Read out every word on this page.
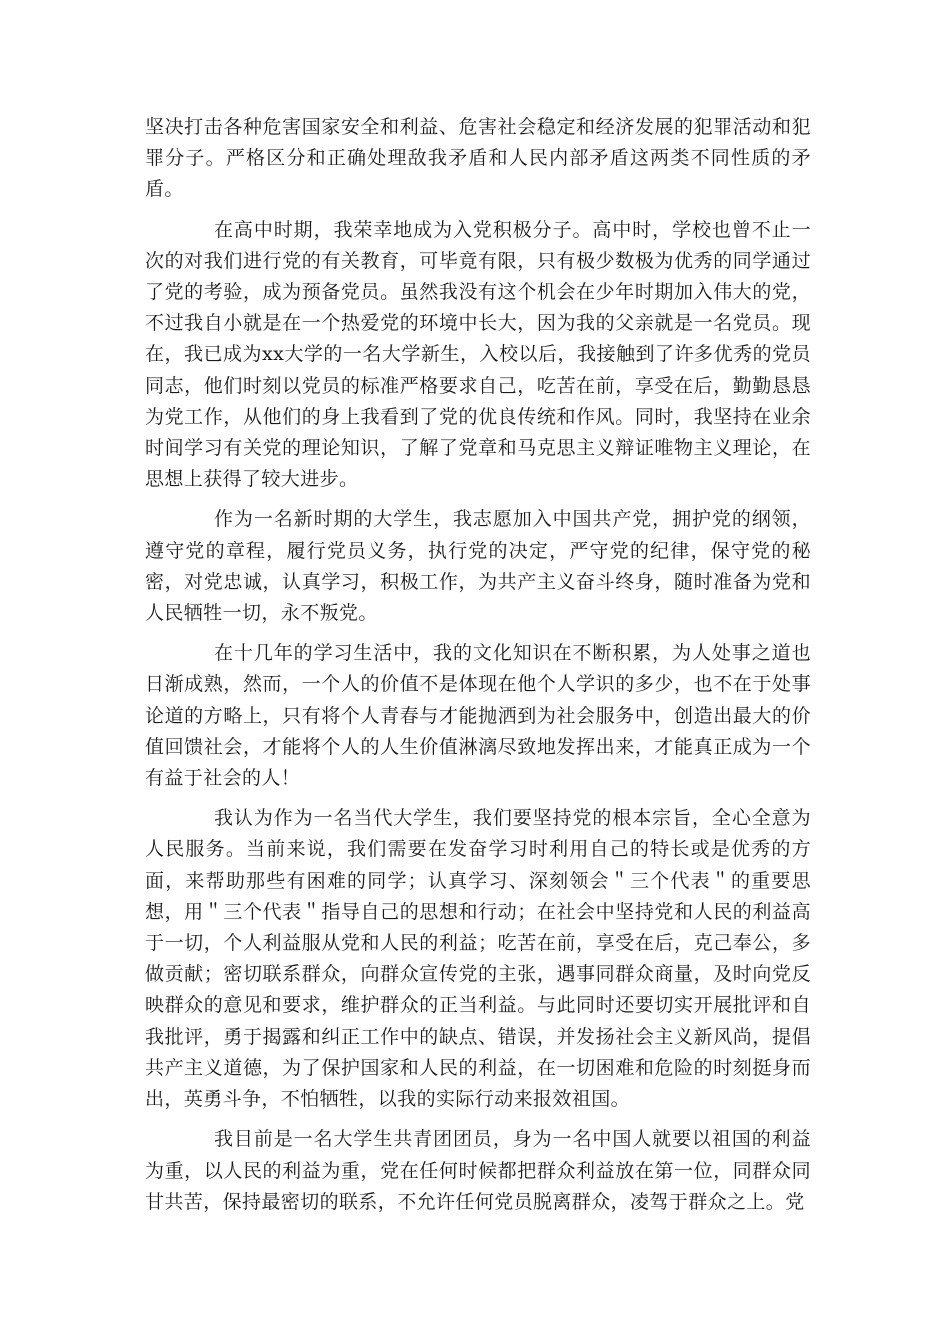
坚决打击各种危害国家安全和利益、危害社会稳定和经济发展的犯罪活动和犯罪分子。严格区分和正确处理敌我矛盾和人民内部矛盾这两类不同性质的矛盾。

在高中时期，我荣幸地成为入党积极分子。高中时，学校也曾不止一次的对我们进行党的有关教育，可毕竟有限，只有极少数极为优秀的同学通过了党的考验，成为预备党员。虽然我没有这个机会在少年时期加入伟大的党，不过我自小就是在一个热爱党的环境中长大，因为我的父亲就是一名党员。现在，我已成为xx大学的一名大学新生，入校以后，我接触到了许多优秀的党员同志，他们时刻以党员的标准严格要求自己，吃苦在前，享受在后，勤勤恳恳为党工作，从他们的身上我看到了党的优良传统和作风。同时，我坚持在业余时间学习有关党的理论知识，了解了党章和马克思主义辩证唯物主义理论，在思想上获得了较大进步。

作为一名新时期的大学生，我志愿加入中国共产党，拥护党的纲领，遵守党的章程，履行党员义务，执行党的决定，严守党的纪律，保守党的秘密，对党忠诚，认真学习，积极工作，为共产主义奋斗终身，随时准备为党和人民牺牲一切，永不叛党。

在十几年的学习生活中，我的文化知识在不断积累，为人处事之道也日渐成熟，然而，一个人的价值不是体现在他个人学识的多少，也不在于处事论道的方略上，只有将个人青春与才能抛洒到为社会服务中，创造出最大的价值回馈社会，才能将个人的人生价值淋漓尽致地发挥出来，才能真正成为一个有益于社会的人！

我认为作为一名当代大学生，我们要坚持党的根本宗旨，全心全意为人民服务。当前来说，我们需要在发奋学习时利用自己的特长或是优秀的方面，来帮助那些有困难的同学；认真学习、深刻领会＂三个代表＂的重要思想，用＂三个代表＂指导自己的思想和行动；在社会中坚持党和人民的利益高于一切，个人利益服从党和人民的利益；吃苦在前，享受在后，克己奉公，多做贡献；密切联系群众，向群众宣传党的主张，遇事同群众商量，及时向党反映群众的意见和要求，维护群众的正当利益。与此同时还要切实开展批评和自我批评，勇于揭露和纠正工作中的缺点、错误，并发扬社会主义新风尚，提倡共产主义道德，为了保护国家和人民的利益，在一切困难和危险的时刻挺身而出，英勇斗争，不怕牺牲，以我的实际行动来报效祖国。

我目前是一名大学生共青团团员，身为一名中国人就要以祖国的利益为重，以人民的利益为重，党在任何时候都把群众利益放在第一位，同群众同甘共苦，保持最密切的联系，不允许任何党员脱离群众，凌驾于群众之上。党
